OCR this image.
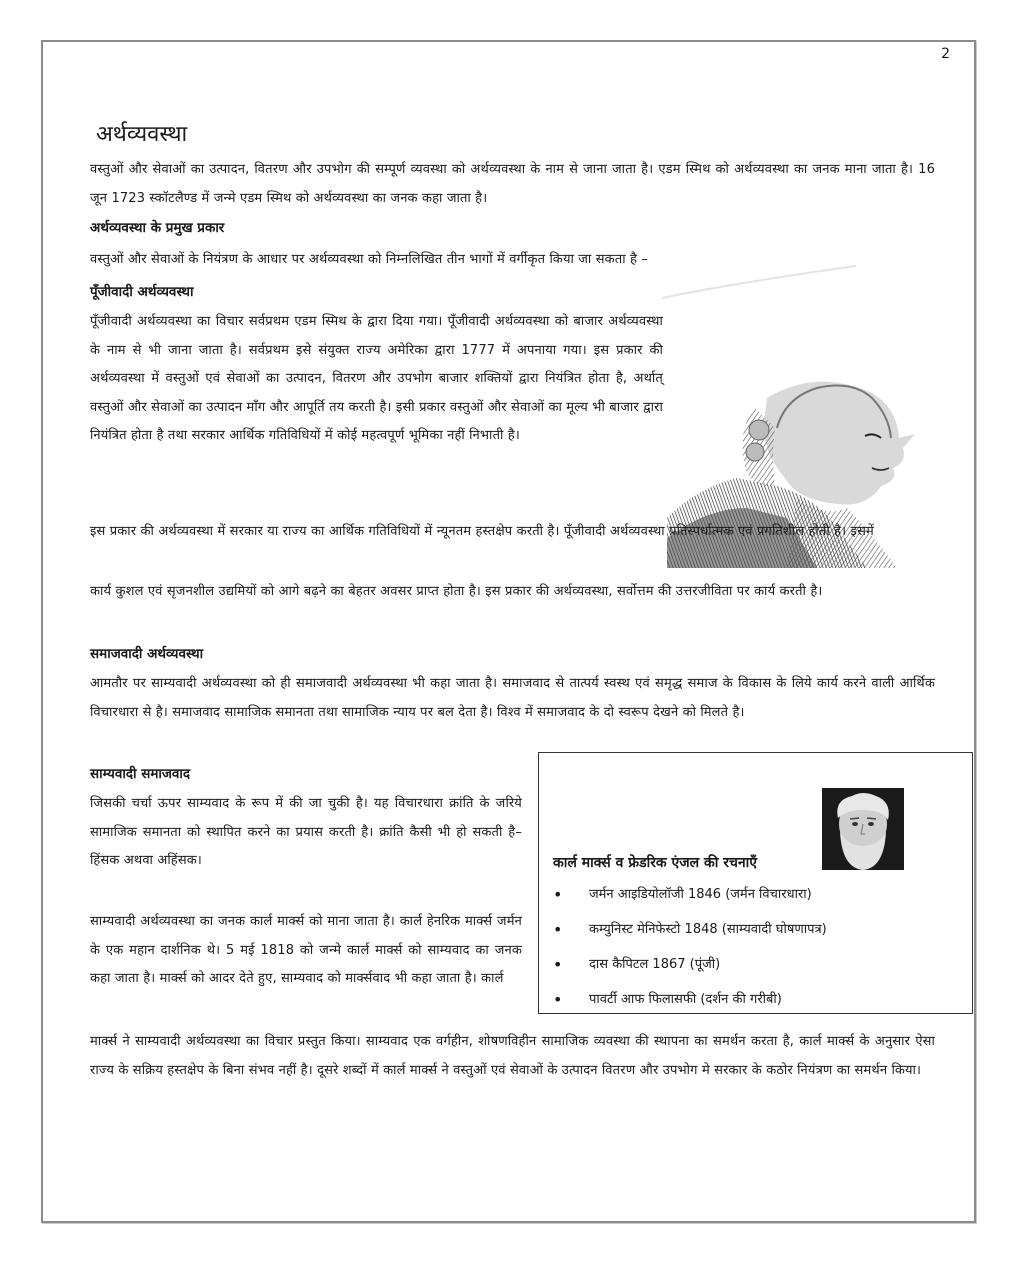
2
अर्थव्यवस्था

वस्तुओं और सेवाओं का उत्पादन, वितरण और उपभोग की सम्पूर्ण व्यवस्था को अर्थव्यवस्था के नाम से जाना जाता है। एडम स्मिथ को अर्थव्यवस्था का जनक माना जाता है। 16 जून 1723 स्कॉटलैण्ड में जन्मे एडम स्मिथ को अर्थव्यवस्था का जनक कहा जाता है।

अर्थव्यवस्था के प्रमुख प्रकार

वस्तुओं और सेवाओं के नियंत्रण के आधार पर अर्थव्यवस्था को निम्नलिखित तीन भागों में वर्गीकृत किया जा सकता है –

पूँजीवादी अर्थव्यवस्था

पूँजीवादी अर्थव्यवस्था का विचार सर्वप्रथम एडम स्मिथ के द्वारा दिया गया। पूँजीवादी अर्थव्यवस्था को बाजार अर्थव्यवस्था के नाम से भी जाना जाता है। सर्वप्रथम इसे संयुक्त राज्य अमेरिका द्वारा 1777 में अपनाया गया। इस प्रकार की अर्थव्यवस्था में वस्तुओं एवं सेवाओं का उत्पादन, वितरण और उपभोग बाजार शक्तियों द्वारा नियंत्रित होता है, अर्थात् वस्तुओं और सेवाओं का उत्पादन माँग और आपूर्ति तय करती है। इसी प्रकार वस्तुओं और सेवाओं का मूल्य भी बाजार द्वारा नियंत्रित होता है तथा सरकार आर्थिक गतिविधियों में कोई महत्वपूर्ण भूमिका नहीं निभाती है।

इस प्रकार की अर्थव्यवस्था में सरकार या राज्य का आर्थिक गतिविधियों में न्यूनतम हस्तक्षेप करती है। पूँजीवादी अर्थव्यवस्था प्रतिस्पर्धात्मक एवं प्रगतिशील होती है। इसमें

कार्य कुशल एवं सृजनशील उद्यमियों को आगे बढ़ने का बेहतर अवसर प्राप्त होता है। इस प्रकार की अर्थव्यवस्था, सर्वोत्तम की उत्तरजीविता पर कार्य करती है।

समाजवादी अर्थव्यवस्था

आमतौर पर साम्यवादी अर्थव्यवस्था को ही समाजवादी अर्थव्यवस्था भी कहा जाता है। समाजवाद से तात्पर्य स्वस्थ एवं समृद्ध समाज के विकास के लिये कार्य करने वाली आर्थिक विचारधारा से है। समाजवाद सामाजिक समानता तथा सामाजिक न्याय पर बल देता है। विश्व में समाजवाद के दो स्वरूप देखने को मिलते है।

साम्यवादी समाजवाद

जिसकी चर्चा ऊपर साम्यवाद के रूप में की जा चुकी है। यह विचारधारा क्रांति के जरिये सामाजिक समानता को स्थापित करने का प्रयास करती है। क्रांति कैसी भी हो सकती है– हिंसक अथवा अहिंसक।

साम्यवादी अर्थव्यवस्था का जनक कार्ल मार्क्स को माना जाता है। कार्ल हेनरिक मार्क्स जर्मन के एक महान दार्शनिक थे। 5 मई 1818 को जन्मे कार्ल मार्क्स को साम्यवाद का जनक कहा जाता है। मार्क्स को आदर देते हुए, साम्यवाद को मार्क्सवाद भी कहा जाता है। कार्ल

मार्क्स ने साम्यवादी अर्थव्यवस्था का विचार प्रस्तुत किया। साम्यवाद एक वर्गहीन, शोषणविहीन सामाजिक व्यवस्था की स्थापना का समर्थन करता है, कार्ल मार्क्स के अनुसार ऐसा राज्य के सक्रिय हस्तक्षेप के बिना संभव नहीं है। दूसरे शब्दों में कार्ल मार्क्स ने वस्तुओं एवं सेवाओं के उत्पादन वितरण और उपभोग मे सरकार के कठोर नियंत्रण का समर्थन किया।

कार्ल मार्क्स व फ्रेडरिक एंजल की रचनाएँ
• जर्मन आइडियोलॉजी 1846 (जर्मन विचारधारा)
• कम्युनिस्ट मेनिफेस्टो 1848 (साम्यवादी घोषणापत्र)
• दास कैपिटल 1867 (पूंजी)
• पावर्टी आफ फिलासफी (दर्शन की गरीबी)
